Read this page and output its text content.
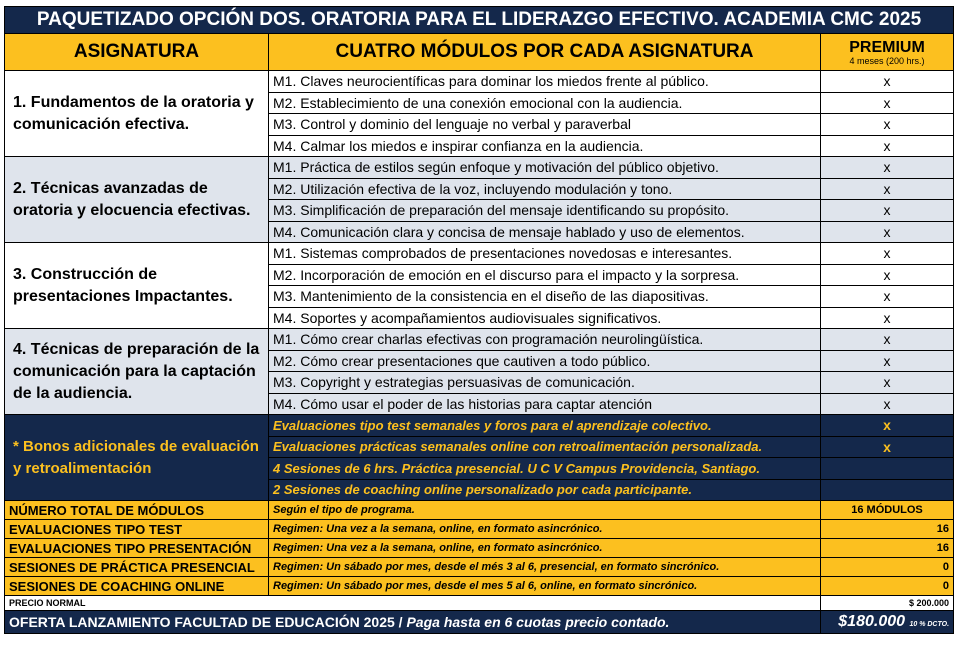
PAQUETIZADO OPCIÓN DOS. ORATORIA PARA EL LIDERAZGO EFECTIVO. ACADEMIA CMC 2025		
ASIGNATURA	CUATRO MÓDULOS POR CADA ASIGNATURA	PREMIUM
4 meses (200 hrs.)

1. Fundamentos de la oratoria y comunicación efectiva.	M1. Claves neurocientíficas para dominar los miedos frente al público.	x
	M2. Establecimiento de una conexión emocional con la audiencia.	x
	M3. Control y dominio del lenguaje no verbal y paraverbal	x
	M4. Calmar los miedos e inspirar confianza en la audiencia.	x
2. Técnicas avanzadas de oratoria y elocuencia efectivas.	M1. Práctica de estilos según enfoque y motivación del público objetivo.	x
	M2. Utilización efectiva de la voz, incluyendo modulación y tono.	x
	M3. Simplificación de preparación del mensaje identificando su propósito.	x
	M4. Comunicación clara y concisa de mensaje hablado y uso de elementos.	x
3. Construcción de presentaciones Impactantes.	M1. Sistemas comprobados de presentaciones novedosas e interesantes.	x
	M2. Incorporación de emoción en el discurso para el impacto y la sorpresa.	x
	M3. Mantenimiento de la consistencia en el diseño de las diapositivas.	x
	M4. Soportes y acompañamientos audiovisuales significativos.	x
4. Técnicas de preparación de la comunicación para la captación de la audiencia.	M1. Cómo crear charlas efectivas con programación neurolingüística.	x
	M2. Cómo crear presentaciones que cautiven a todo público.	x
	M3. Copyright y estrategias persuasivas de comunicación.	x
	M4. Cómo usar el poder de las historias para captar atención	x
* Bonos adicionales de evaluación y retroalimentación	Evaluaciones tipo test semanales y foros para el aprendizaje colectivo.	x
	Evaluaciones prácticas semanales online con retroalimentación personalizada.	x
	4 Sesiones de 6 hrs. Práctica presencial. U C V Campus Providencia, Santiago.	
	2 Sesiones de coaching online personalizado por cada participante.	
NÚMERO TOTAL DE MÓDULOS	Según el tipo de programa.	16 MÓDULOS
EVALUACIONES TIPO TEST	Regimen: Una vez a la semana, online, en formato asincrónico.	16
EVALUACIONES TIPO PRESENTACIÓN	Regimen: Una vez a la semana, online, en formato asincrónico.	16
SESIONES DE PRÁCTICA PRESENCIAL	Regimen: Un sábado por mes, desde el més 3 al 6, presencial, en formato sincrónico.	0
SESIONES DE COACHING ONLINE	Regimen: Un sábado por mes, desde el mes 5 al 6, online, en formato sincrónico.	0
PRECIO NORMAL		$ 200.000
OFERTA LANZAMIENTO FACULTAD DE EDUCACIÓN 2025 / Paga hasta en 6 cuotas precio contado.		$180.000 10 % DCTO.
